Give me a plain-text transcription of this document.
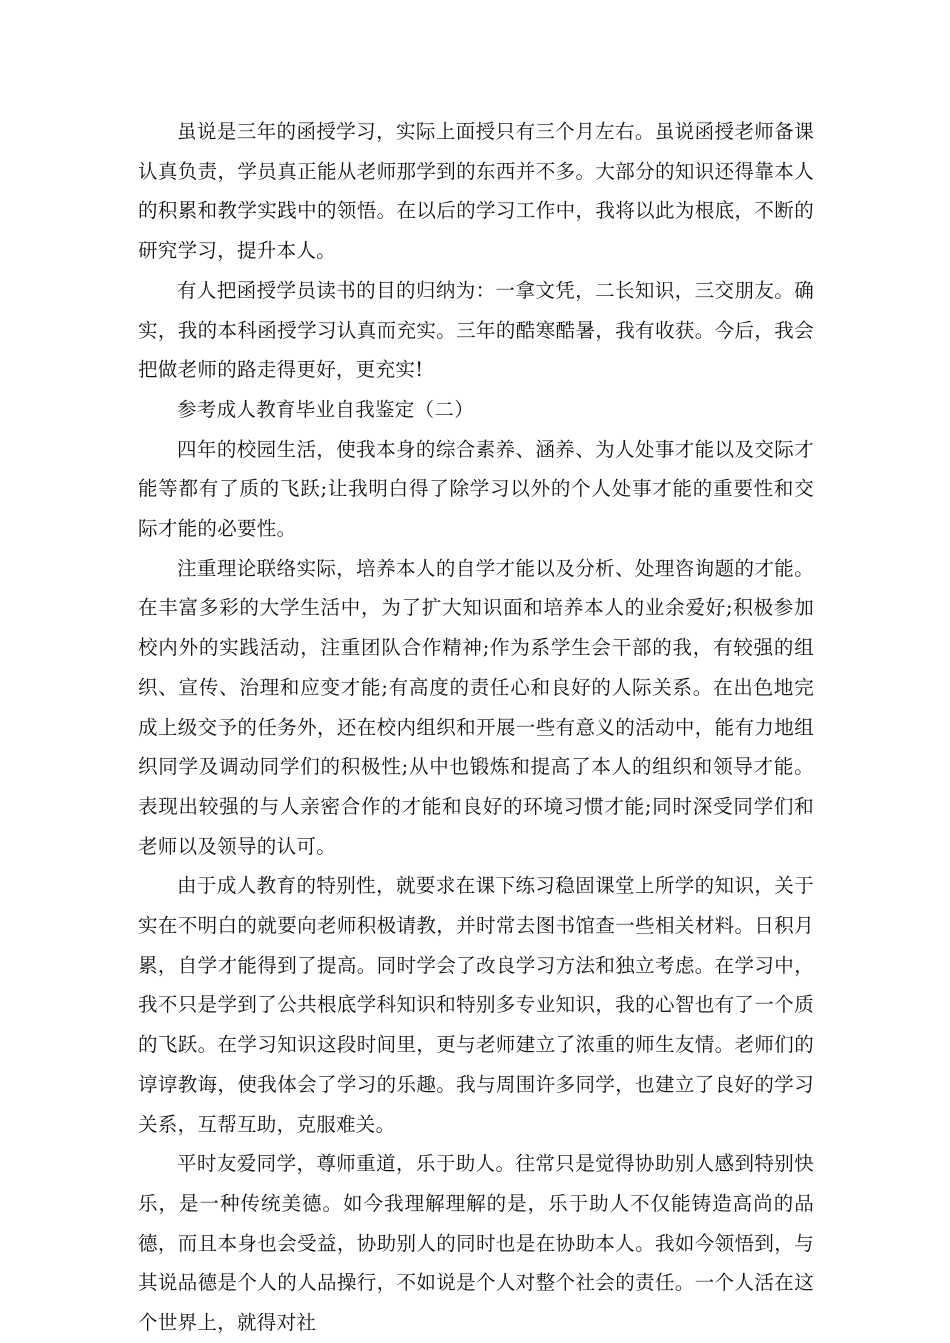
虽说是三年的函授学习，实际上面授只有三个月左右。虽说函授老师备课认真负责，学员真正能从老师那学到的东西并不多。大部分的知识还得靠本人的积累和教学实践中的领悟。在以后的学习工作中，我将以此为根底，不断的研究学习，提升本人。

有人把函授学员读书的目的归纳为：一拿文凭，二长知识，三交朋友。确实，我的本科函授学习认真而充实。三年的酷寒酷暑，我有收获。今后，我会把做老师的路走得更好，更充实!

参考成人教育毕业自我鉴定（二）

四年的校园生活，使我本身的综合素养、涵养、为人处事才能以及交际才能等都有了质的飞跃;让我明白得了除学习以外的个人处事才能的重要性和交际才能的必要性。

注重理论联络实际，培养本人的自学才能以及分析、处理咨询题的才能。在丰富多彩的大学生活中，为了扩大知识面和培养本人的业余爱好;积极参加校内外的实践活动，注重团队合作精神;作为系学生会干部的我，有较强的组织、宣传、治理和应变才能;有高度的责任心和良好的人际关系。在出色地完成上级交予的任务外，还在校内组织和开展一些有意义的活动中，能有力地组织同学及调动同学们的积极性;从中也锻炼和提高了本人的组织和领导才能。表现出较强的与人亲密合作的才能和良好的环境习惯才能;同时深受同学们和老师以及领导的认可。

由于成人教育的特别性，就要求在课下练习稳固课堂上所学的知识，关于实在不明白的就要向老师积极请教，并时常去图书馆查一些相关材料。日积月累，自学才能得到了提高。同时学会了改良学习方法和独立考虑。在学习中，我不只是学到了公共根底学科知识和特别多专业知识，我的心智也有了一个质的飞跃。在学习知识这段时间里，更与老师建立了浓重的师生友情。老师们的谆谆教诲，使我体会了学习的乐趣。我与周围许多同学，也建立了良好的学习关系，互帮互助，克服难关。

平时友爱同学，尊师重道，乐于助人。往常只是觉得协助别人感到特别快乐，是一种传统美德。如今我理解理解的是，乐于助人不仅能铸造高尚的品德，而且本身也会受益，协助别人的同时也是在协助本人。我如今领悟到，与其说品德是个人的人品操行，不如说是个人对整个社会的责任。一个人活在这个世界上，就得对社
